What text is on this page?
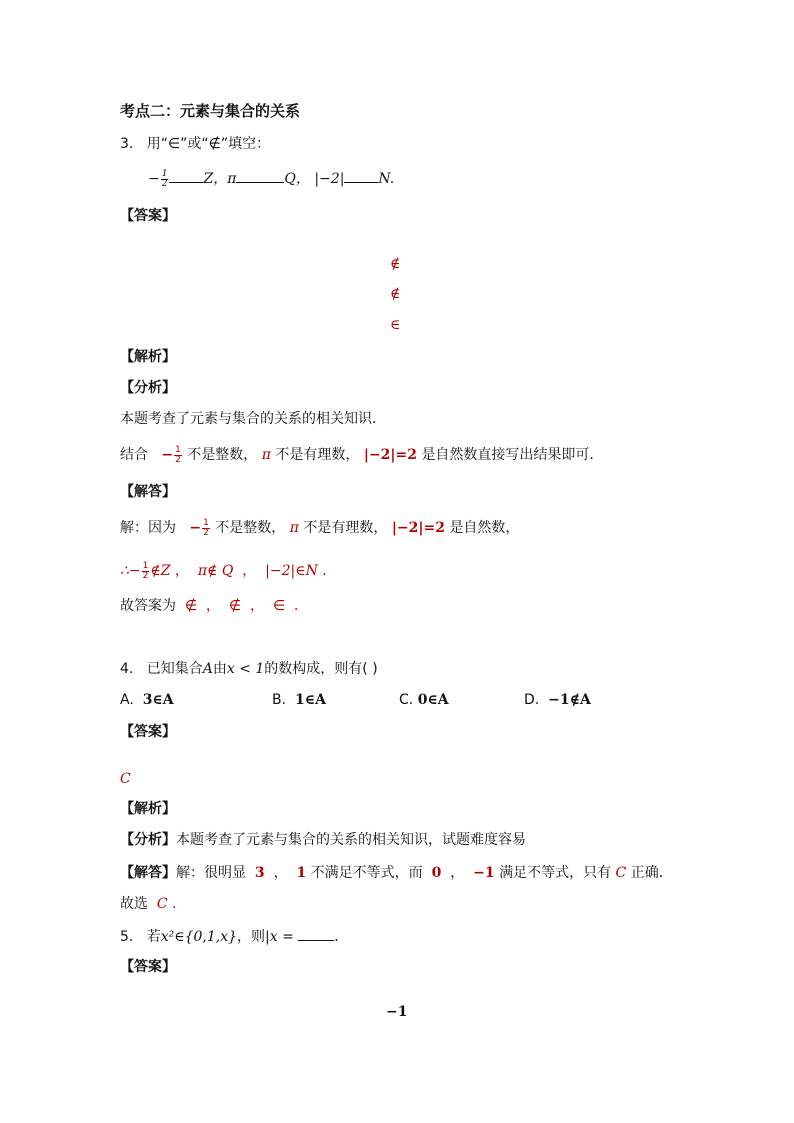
考点二：元素与集合的关系
3. 用“∈”或“∉”填空：
− $\frac{1}{2}$	Z，π	Q， |−2| N.
【答案】
∉
∉
∈
【解析】
【分析】
本题考查了元素与集合的关系的相关知识．
结合 − $\frac{1}{2}$ 不是整数， π 不是有理数， |−2|=2 是自然数直接写出结果即可．
【解答】
解：因为 − $\frac{1}{2}$ 不是整数， π 不是有理数， |−2|=2 是自然数，
∴− $\frac{1}{2}$ ∉Z ， π∉ Q ， |−2|∈N ．
故答案为 ∉ ， ∉ ， ∈ ．
4. 已知集合A由x < 1的数构成，则有( )
A. 3∈A	B. 1∈A	C. 0∈A	D. −1∉A
【答案】
C
【解析】
【分析】本题考查了元素与集合的关系的相关知识，试题难度容易
【解答】解：很明显 3 ， 1 不满足不等式，而 0 ， −1 满足不等式，只有 C 正确．
故选 C ．
5. 若x²∈{0,1,x}，则|x =	．
【答案】
−1
